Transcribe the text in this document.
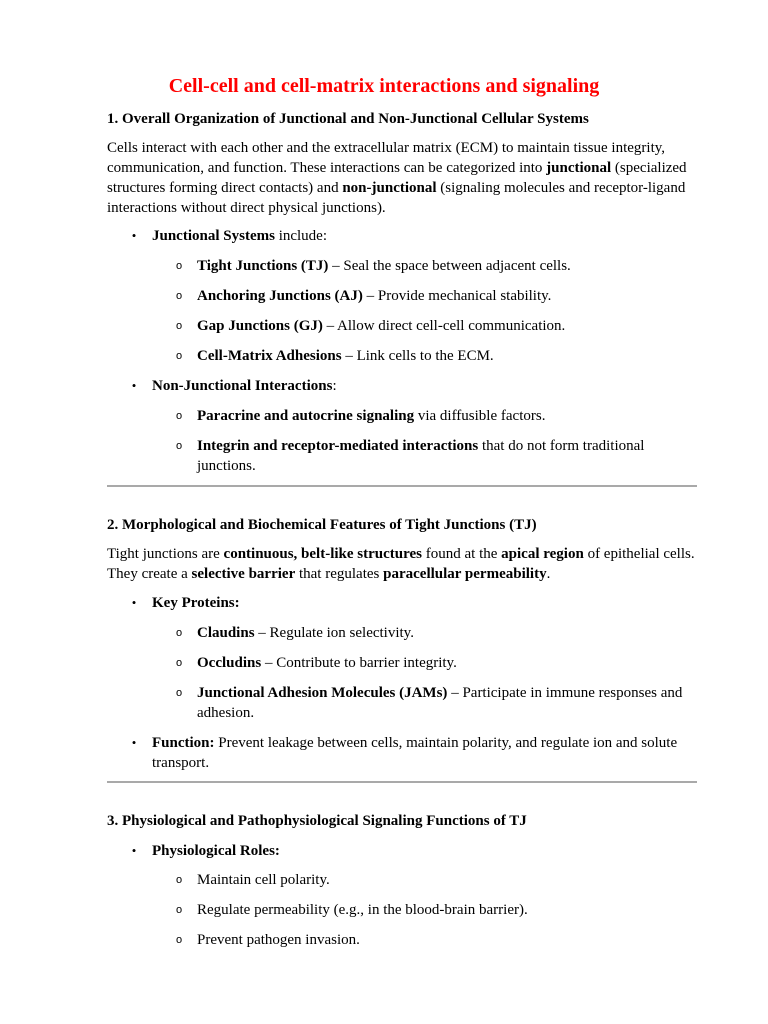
Cell-cell and cell-matrix interactions and signaling

1. Overall Organization of Junctional and Non-Junctional Cellular Systems

Cells interact with each other and the extracellular matrix (ECM) to maintain tissue integrity, communication, and function. These interactions can be categorized into junctional (specialized structures forming direct contacts) and non-junctional (signaling molecules and receptor-ligand interactions without direct physical junctions).

• Junctional Systems include:

o Tight Junctions (TJ) – Seal the space between adjacent cells.

o Anchoring Junctions (AJ) – Provide mechanical stability.

o Gap Junctions (GJ) – Allow direct cell-cell communication.

o Cell-Matrix Adhesions – Link cells to the ECM.

• Non-Junctional Interactions:

o Paracrine and autocrine signaling via diffusible factors.

o Integrin and receptor-mediated interactions that do not form traditional junctions.

2. Morphological and Biochemical Features of Tight Junctions (TJ)

Tight junctions are continuous, belt-like structures found at the apical region of epithelial cells. They create a selective barrier that regulates paracellular permeability.

• Key Proteins:

o Claudins – Regulate ion selectivity.

o Occludins – Contribute to barrier integrity.

o Junctional Adhesion Molecules (JAMs) – Participate in immune responses and adhesion.

• Function: Prevent leakage between cells, maintain polarity, and regulate ion and solute transport.

3. Physiological and Pathophysiological Signaling Functions of TJ

• Physiological Roles:

o Maintain cell polarity.

o Regulate permeability (e.g., in the blood-brain barrier).

o Prevent pathogen invasion.
